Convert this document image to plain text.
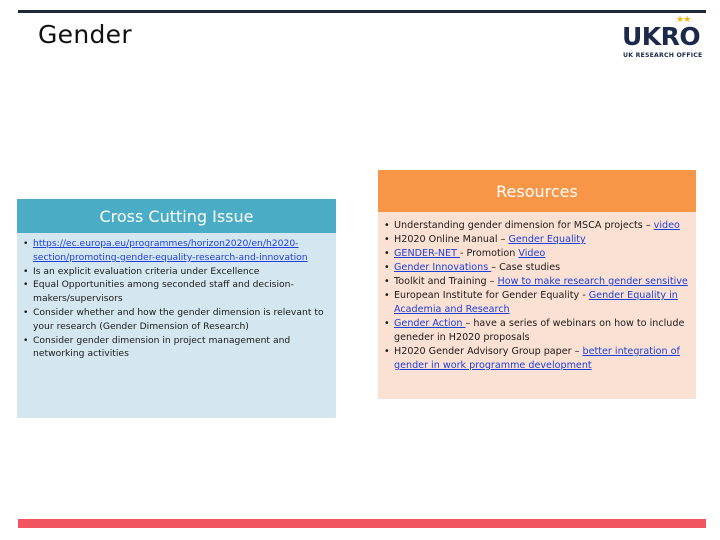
Gender
★★
UKRO
UK RESEARCH OFFICE
Cross Cutting Issue
• https://ec.europa.eu/programmes/horizon2020/en/h2020-section/promoting-gender-equality-research-and-innovation
• Is an explicit evaluation criteria under Excellence
• Equal Opportunities among seconded staff and decision-makers/supervisors
• Consider whether and how the gender dimension is relevant to your research (Gender Dimension of Research)
• Consider gender dimension in project management and networking activities
Resources
• Understanding gender dimension for MSCA projects – video
• H2020 Online Manual – Gender Equality
• GENDER-NET - Promotion Video
• Gender Innovations – Case studies
• Toolkit and Training – How to make research gender sensitive
• European Institute for Gender Equality - Gender Equality in Academia and Research
• Gender Action – have a series of webinars on how to include geneder in H2020 proposals
• H2020 Gender Advisory Group paper – better integration of gender in work programme development
